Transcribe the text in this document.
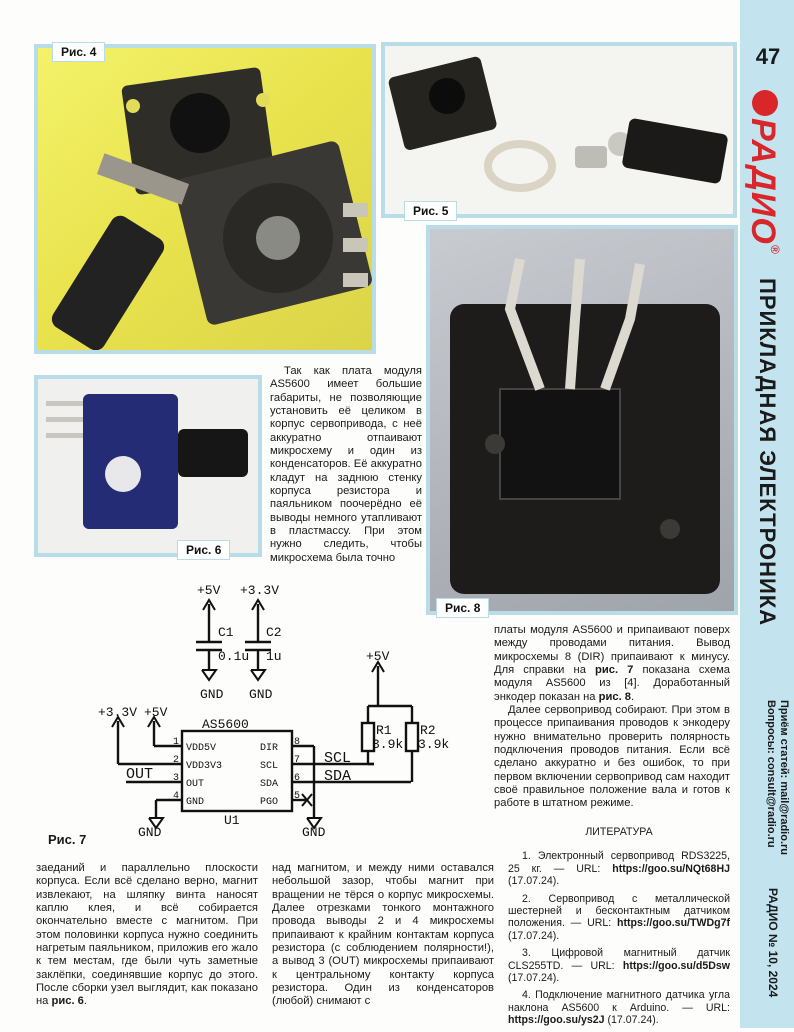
47
РАДИО®
ПРИКЛАДНАЯ ЭЛЕКТРОНИКА
Приём статей: mail@radio.ru
Вопросы: consult@radio.ru
РАДИО № 10, 2024
Рис. 4
Рис. 5
Рис. 6
Рис. 8

Так как плата модуля AS5600 имеет большие габариты, не позволяющие установить её целиком в корпус сервопривода, с неё аккуратно отпаивают микросхему и один из конденсаторов. Её аккуратно кладут на заднюю стенку корпуса резистора и паяльником поочерёдно её выводы немного утапливают в пластмассу. При этом нужно следить, чтобы микросхема была точно

+5V +3.3V
C1
0.1u
C2
1u
GND GND
+3.3V +5V
+5V
AS5600
U1
OUT
SCL
SDA
R1
3.9k
R2
3.9k
GND	GND
1
2
3
4
8
7
6
5
VDD5V
VDD3V3
OUT
GND
DIR
SCL
SDA
PGO
Рис. 7

платы модуля AS5600 и припаивают поверх между проводами питания. Вывод микросхемы 8 (DIR) припаивают к минусу. Для справки на рис. 7 показана схема модуля AS5600 из [4]. Доработанный энкодер показан на рис. 8.

Далее сервопривод собирают. При этом в процессе припаивания проводов к энкодеру нужно внимательно проверить полярность подключения проводов питания. Если всё сделано аккуратно и без ошибок, то при первом включении сервопривод сам находит своё правильное положение вала и готов к работе в штатном режиме.

ЛИТЕРАТУРА

1. Электронный сервопривод RDS3225, 25 кг. — URL: https://goo.su/NQt68HJ (17.07.24).

2. Сервопривод с металлической шестерней и бесконтактным датчиком положения. — URL: https://goo.su/TWDg7f (17.07.24).

3. Цифровой магнитный датчик CLS255TD. — URL: https://goo.su/d5Dsw (17.07.24).

4. Подключение магнитного датчика угла наклона AS5600 к Arduino. — URL: https://goo.su/ys2J (17.07.24).

заеданий и параллельно плоскости корпуса. Если всё сделано верно, магнит извлекают, на шляпку винта наносят каплю клея, и всё собирается окончательно вместе с магнитом. При этом половинки корпуса нужно соединить нагретым паяльником, приложив его жало к тем местам, где были чуть заметные заклёпки, соединявшие корпус до этого. После сборки узел выглядит, как показано на рис. 6.

над магнитом, и между ними оставался небольшой зазор, чтобы магнит при вращении не тёрся о корпус микросхемы. Далее отрезками тонкого монтажного провода выводы 2 и 4 микросхемы припаивают к крайним контактам корпуса резистора (с соблюдением полярности!), а вывод 3 (OUT) микросхемы припаивают к центральному контакту корпуса резистора. Один из конденсаторов (любой) снимают с
